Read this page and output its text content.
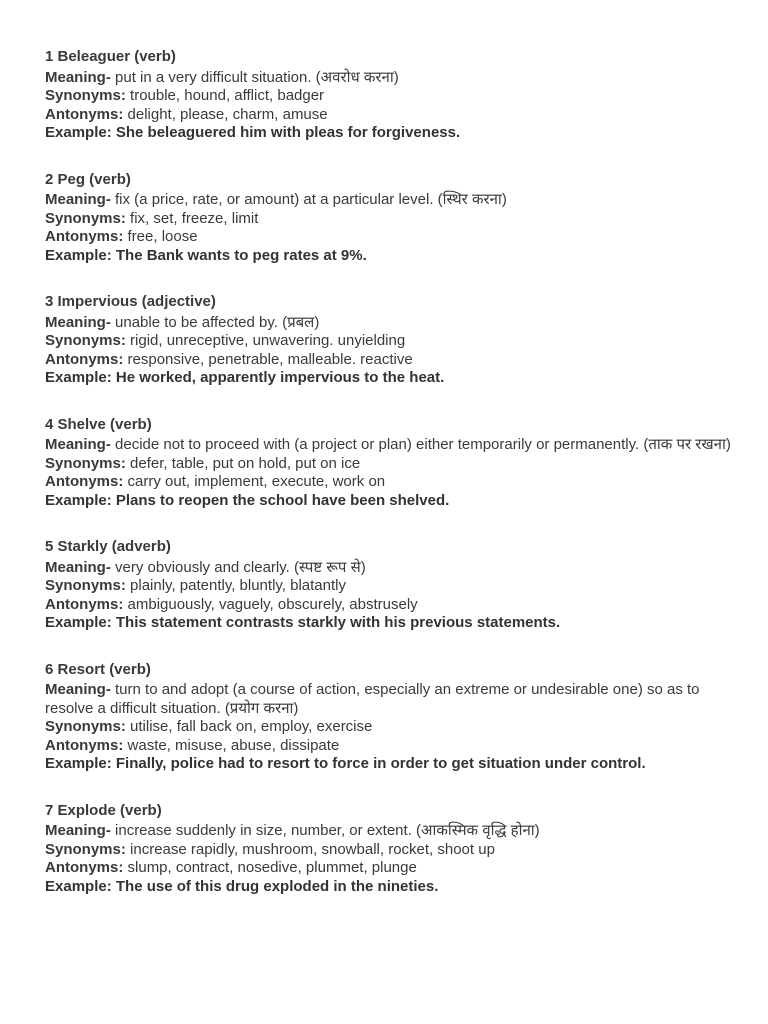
1 Beleaguer (verb)
Meaning- put in a very difficult situation. (अवरोध करना)
Synonyms: trouble, hound, afflict, badger
Antonyms: delight, please, charm, amuse
Example: She beleaguered him with pleas for forgiveness.
2 Peg (verb)
Meaning- fix (a price, rate, or amount) at a particular level. (स्थिर करना)
Synonyms: fix, set, freeze, limit
Antonyms: free, loose
Example: The Bank wants to peg rates at 9%.
3 Impervious (adjective)
Meaning- unable to be affected by. (प्रबल)
Synonyms: rigid, unreceptive, unwavering. unyielding
Antonyms: responsive, penetrable, malleable. reactive
Example: He worked, apparently impervious to the heat.
4 Shelve (verb)
Meaning- decide not to proceed with (a project or plan) either temporarily or permanently. (ताक पर रखना)
Synonyms: defer, table, put on hold, put on ice
Antonyms: carry out, implement, execute, work on
Example: Plans to reopen the school have been shelved.
5 Starkly (adverb)
Meaning- very obviously and clearly. (स्पष्ट रूप से)
Synonyms: plainly, patently, bluntly, blatantly
Antonyms: ambiguously, vaguely, obscurely, abstrusely
Example: This statement contrasts starkly with his previous statements.
6 Resort (verb)
Meaning- turn to and adopt (a course of action, especially an extreme or undesirable one) so as to resolve a difficult situation. (प्रयोग करना)
Synonyms: utilise, fall back on, employ, exercise
Antonyms: waste, misuse, abuse, dissipate
Example: Finally, police had to resort to force in order to get situation under control.
7 Explode (verb)
Meaning- increase suddenly in size, number, or extent. (आकस्मिक वृद्धि होना)
Synonyms: increase rapidly, mushroom, snowball, rocket, shoot up
Antonyms: slump, contract, nosedive, plummet, plunge
Example: The use of this drug exploded in the nineties.
